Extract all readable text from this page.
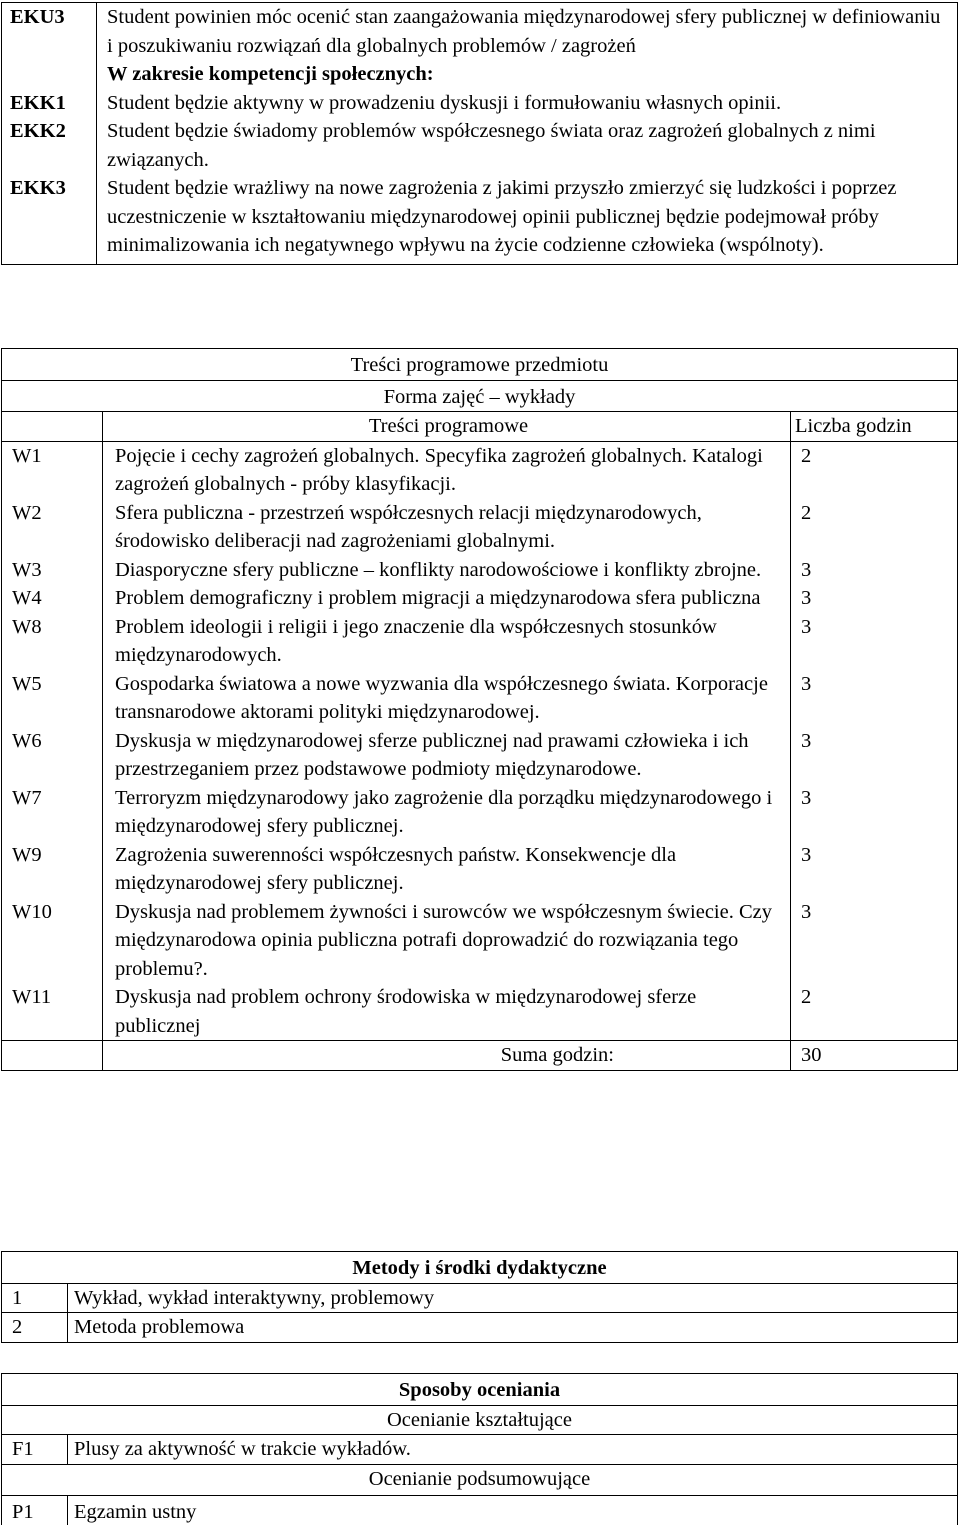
EKU3	Student powinien móc ocenić stan zaangażowania międzynarodowej sfery publicznej w definiowaniu i poszukiwaniu rozwiązań dla globalnych problemów / zagrożeń
	W zakresie kompetencji społecznych:
EKK1	Student będzie aktywny w prowadzeniu dyskusji i formułowaniu własnych opinii.
EKK2	Student będzie świadomy problemów współczesnego świata oraz zagrożeń globalnych z nimi związanych.
EKK3	Student będzie wrażliwy na nowe zagrożenia z jakimi przyszło zmierzyć się ludzkości i poprzez uczestniczenie w kształtowaniu międzynarodowej opinii publicznej będzie podejmował próby minimalizowania ich negatywnego wpływu na życie codzienne człowieka (wspólnoty).
Treści programowe przedmiotu		
Forma zajęć – wykłady		
	Treści programowe	Liczba godzin
W1	Pojęcie i cechy zagrożeń globalnych. Specyfika zagrożeń globalnych. Katalogi zagrożeń globalnych - próby klasyfikacji.	2
W2	Sfera publiczna - przestrzeń współczesnych relacji międzynarodowych, środowisko deliberacji nad zagrożeniami globalnymi.	2
W3	Diasporyczne sfery publiczne – konflikty narodowościowe i konflikty zbrojne.	3
W4	Problem demograficzny i problem migracji a międzynarodowa sfera publiczna	3
W8	Problem ideologii i religii i jego znaczenie dla współczesnych stosunków międzynarodowych.	3
W5	Gospodarka światowa a nowe wyzwania dla współczesnego świata. Korporacje transnarodowe aktorami polityki międzynarodowej.	3
W6	Dyskusja w międzynarodowej sferze publicznej nad prawami człowieka i ich przestrzeganiem przez podstawowe podmioty międzynarodowe.	3
W7	Terroryzm międzynarodowy jako zagrożenie dla porządku międzynarodowego i międzynarodowej sfery publicznej.	3
W9	Zagrożenia suwerenności współczesnych państw. Konsekwencje dla międzynarodowej sfery publicznej.	3
W10	Dyskusja nad problemem żywności i surowców we współczesnym świecie. Czy międzynarodowa opinia publiczna potrafi doprowadzić do rozwiązania tego problemu?.	3
W11	Dyskusja nad problem ochrony środowiska w międzynarodowej sferze publicznej	2
	Suma godzin:	30
Metody i środki dydaktyczne	
1	Wykład, wykład interaktywny, problemowy
2	Metoda problemowa
Sposoby oceniania	
Ocenianie kształtujące	
F1	Plusy za aktywność w trakcie wykładów.
Ocenianie podsumowujące	
P1	Egzamin ustny
